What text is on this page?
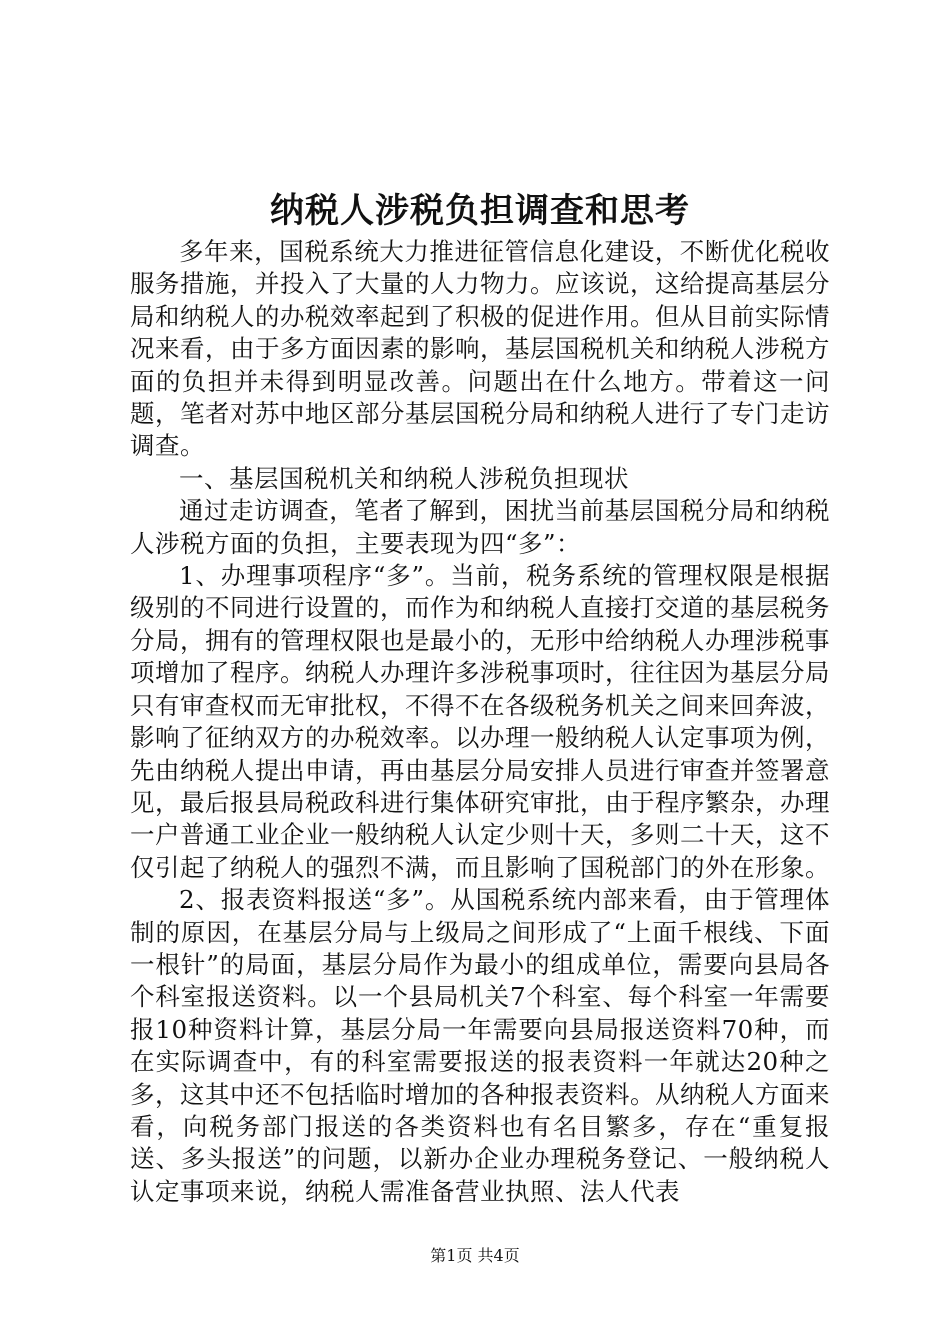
纳税人涉税负担调查和思考

多年来，国税系统大力推进征管信息化建设，不断优化税收服务措施，并投入了大量的人力物力。应该说，这给提高基层分局和纳税人的办税效率起到了积极的促进作用。但从目前实际情况来看，由于多方面因素的影响，基层国税机关和纳税人涉税方面的负担并未得到明显改善。问题出在什么地方。带着这一问题，笔者对苏中地区部分基层国税分局和纳税人进行了专门走访调查。

一、基层国税机关和纳税人涉税负担现状

通过走访调查，笔者了解到，困扰当前基层国税分局和纳税人涉税方面的负担，主要表现为四“多”：

1、办理事项程序“多”。当前，税务系统的管理权限是根据级别的不同进行设置的，而作为和纳税人直接打交道的基层税务分局，拥有的管理权限也是最小的，无形中给纳税人办理涉税事项增加了程序。纳税人办理许多涉税事项时，往往因为基层分局只有审查权而无审批权，不得不在各级税务机关之间来回奔波，影响了征纳双方的办税效率。以办理一般纳税人认定事项为例，先由纳税人提出申请，再由基层分局安排人员进行审查并签署意见，最后报县局税政科进行集体研究审批，由于程序繁杂，办理一户普通工业企业一般纳税人认定少则十天，多则二十天，这不仅引起了纳税人的强烈不满，而且影响了国税部门的外在形象。

2、报表资料报送“多”。从国税系统内部来看，由于管理体制的原因，在基层分局与上级局之间形成了“上面千根线、下面一根针”的局面，基层分局作为最小的组成单位，需要向县局各个科室报送资料。以一个县局机关7个科室、每个科室一年需要报10种资料计算，基层分局一年需要向县局报送资料70种，而在实际调查中，有的科室需要报送的报表资料一年就达20种之多，这其中还不包括临时增加的各种报表资料。从纳税人方面来看，向税务部门报送的各类资料也有名目繁多，存在“重复报送、多头报送”的问题，以新办企业办理税务登记、一般纳税人认定事项来说，纳税人需准备营业执照、法人代表

第1页 共4页
